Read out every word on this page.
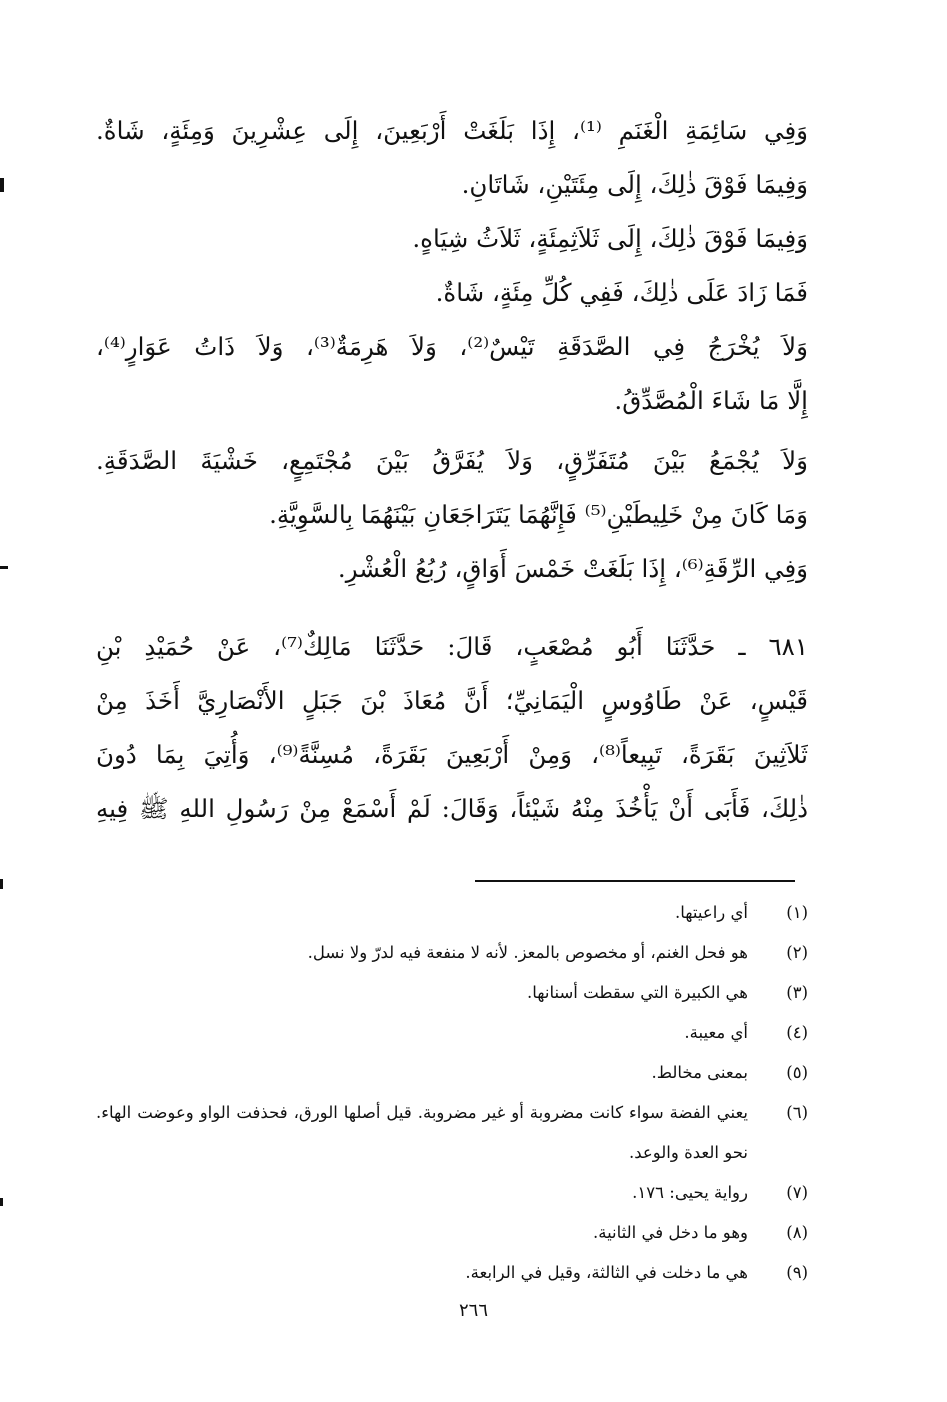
وَفِي سَائِمَةِ الْغَنَمِ ⁽¹⁾، إِذَا بَلَغَتْ أَرْبَعِينَ، إِلَى عِشْرِينَ وَمِئَةٍ، شَاةٌ.
وَفِيمَا فَوْقَ ذٰلِكَ، إِلَى مِئَتَيْنِ، شَاتَانِ.
وَفِيمَا فَوْقَ ذٰلِكَ، إِلَى ثَلاَثِمِئَةٍ، ثَلاَثُ شِيَاهٍ.
فَمَا زَادَ عَلَى ذٰلِكَ، فَفِي كُلِّ مِئَةٍ، شَاةٌ.
وَلاَ يُخْرَجُ فِي الصَّدَقَةِ تَيْسٌ⁽²⁾، وَلاَ هَرِمَةٌ⁽³⁾، وَلاَ ذَاتُ عَوَارٍ⁽⁴⁾،
إِلَّا مَا شَاءَ الْمُصَّدِّقُ.
وَلاَ يُجْمَعُ بَيْنَ مُتَفَرِّقٍ، وَلاَ يُفَرَّقُ بَيْنَ مُجْتَمِعٍ، خَشْيَةَ الصَّدَقَةِ.
وَمَا كَانَ مِنْ خَلِيطَيْنِ⁽⁵⁾ فَإِنَّهُمَا يَتَرَاجَعَانِ بَيْنَهُمَا بِالسَّوِيَّةِ.
وَفِي الرِّقَةِ⁽⁶⁾، إِذَا بَلَغَتْ خَمْسَ أَوَاقٍ، رُبُعُ الْعُشْرِ.
٦٨١ ـ حَدَّثَنَا أَبُو مُصْعَبٍ، قَالَ: حَدَّثَنَا مَالِكٌ⁽⁷⁾، عَنْ حُمَيْدِ بْنِ
قَيْسٍ، عَنْ طَاوُوسٍ الْيَمَانِيِّ؛ أَنَّ مُعَاذَ بْنَ جَبَلٍ الأَنْصَارِيَّ أَخَذَ مِنْ
ثَلاَثِينَ بَقَرَةً، تَبِيعاً⁽⁸⁾، وَمِنْ أَرْبَعِينَ بَقَرَةً، مُسِنَّةً⁽⁹⁾، وَأُتِيَ بِمَا دُونَ
ذٰلِكَ، فَأَبَى أَنْ يَأْخُذَ مِنْهُ شَيْئاً، وَقَالَ: لَمْ أَسْمَعْ مِنْ رَسُولِ اللهِ ﷺ فِيهِ
(١)
أي راعيتها.
(٢)
هو فحل الغنم، أو مخصوص بالمعز. لأنه لا منفعة فيه لدرّ ولا نسل.
(٣)
هي الكبيرة التي سقطت أسنانها.
(٤)
أي معيبة.
(٥)
بمعنى مخالط.
(٦)
يعني الفضة سواء كانت مضروبة أو غير مضروبة. قيل أصلها الورق، فحذفت الواو وعوضت الهاء. نحو العدة والوعد.
(٧)
رواية يحيى: ١٧٦.
(٨)
وهو ما دخل في الثانية.
(٩)
هي ما دخلت في الثالثة، وقيل في الرابعة.
٢٦٦
